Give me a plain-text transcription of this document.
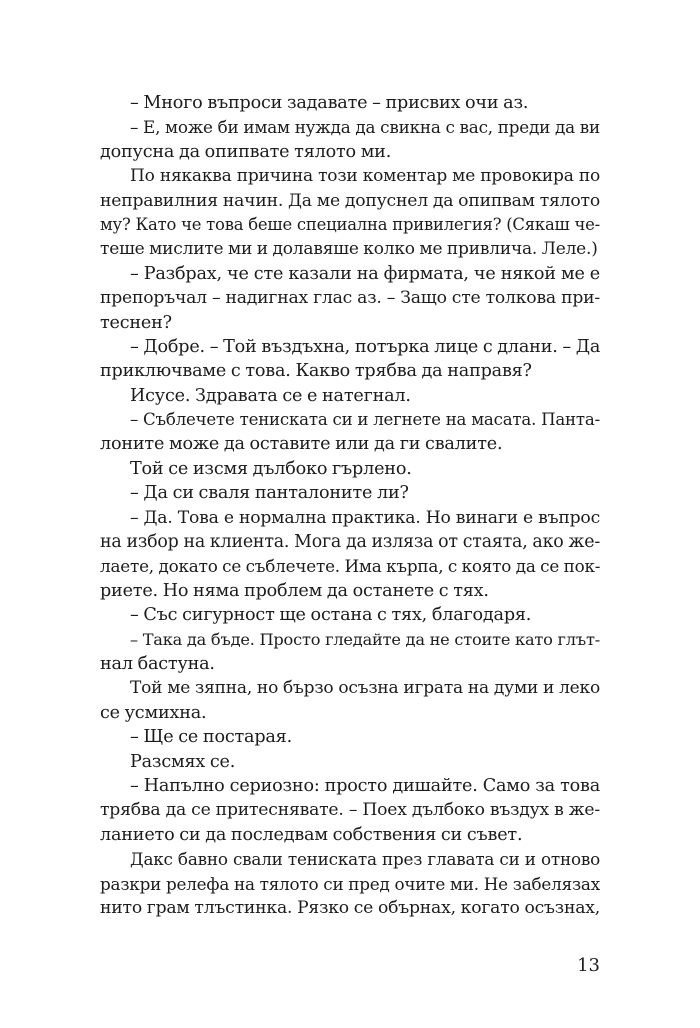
– Много въпроси задавате – присвих очи аз.
– Е, може би имам нужда да свикна с вас, преди да ви
допусна да опипвате тялото ми.
По някаква причина този коментар ме провокира по
неправилния начин. Да ме допуснел да опипвам тялото
му? Като че това беше специална привилегия? (Сякаш че-
теше мислите ми и долавяше колко ме привлича. Леле.)
– Разбрах, че сте казали на фирмата, че някой ме е
препоръчал – надигнах глас аз. – Защо сте толкова при-
теснен?
– Добре. – Той въздъхна, потърка лице с длани. – Да
приключваме с това. Какво трябва да направя?
Исусе. Здравата се е натегнал.
– Съблечете тениската си и легнете на масата. Панта-
лоните може да оставите или да ги свалите.
Той се изсмя дълбоко гърлено.
– Да си сваля панталоните ли?
– Да. Това е нормална практика. Но винаги е въпрос
на избор на клиента. Мога да изляза от стаята, ако же-
лаете, докато се съблечете. Има кърпа, с която да се пок-
риете. Но няма проблем да останете с тях.
– Със сигурност ще остана с тях, благодаря.
– Така да бъде. Просто гледайте да не стоите като глът-
нал бастуна.
Той ме зяпна, но бързо осъзна играта на думи и леко
се усмихна.
– Ще се постарая.
Разсмях се.
– Напълно сериозно: просто дишайте. Само за това
трябва да се притеснявате. – Поех дълбоко въздух в же-
ланието си да последвам собствения си съвет.
Дакс бавно свали тениската през главата си и отново
разкри релефа на тялото си пред очите ми. Не забелязах
нито грам тлъстинка. Рязко се обърнах, когато осъзнах,
13
